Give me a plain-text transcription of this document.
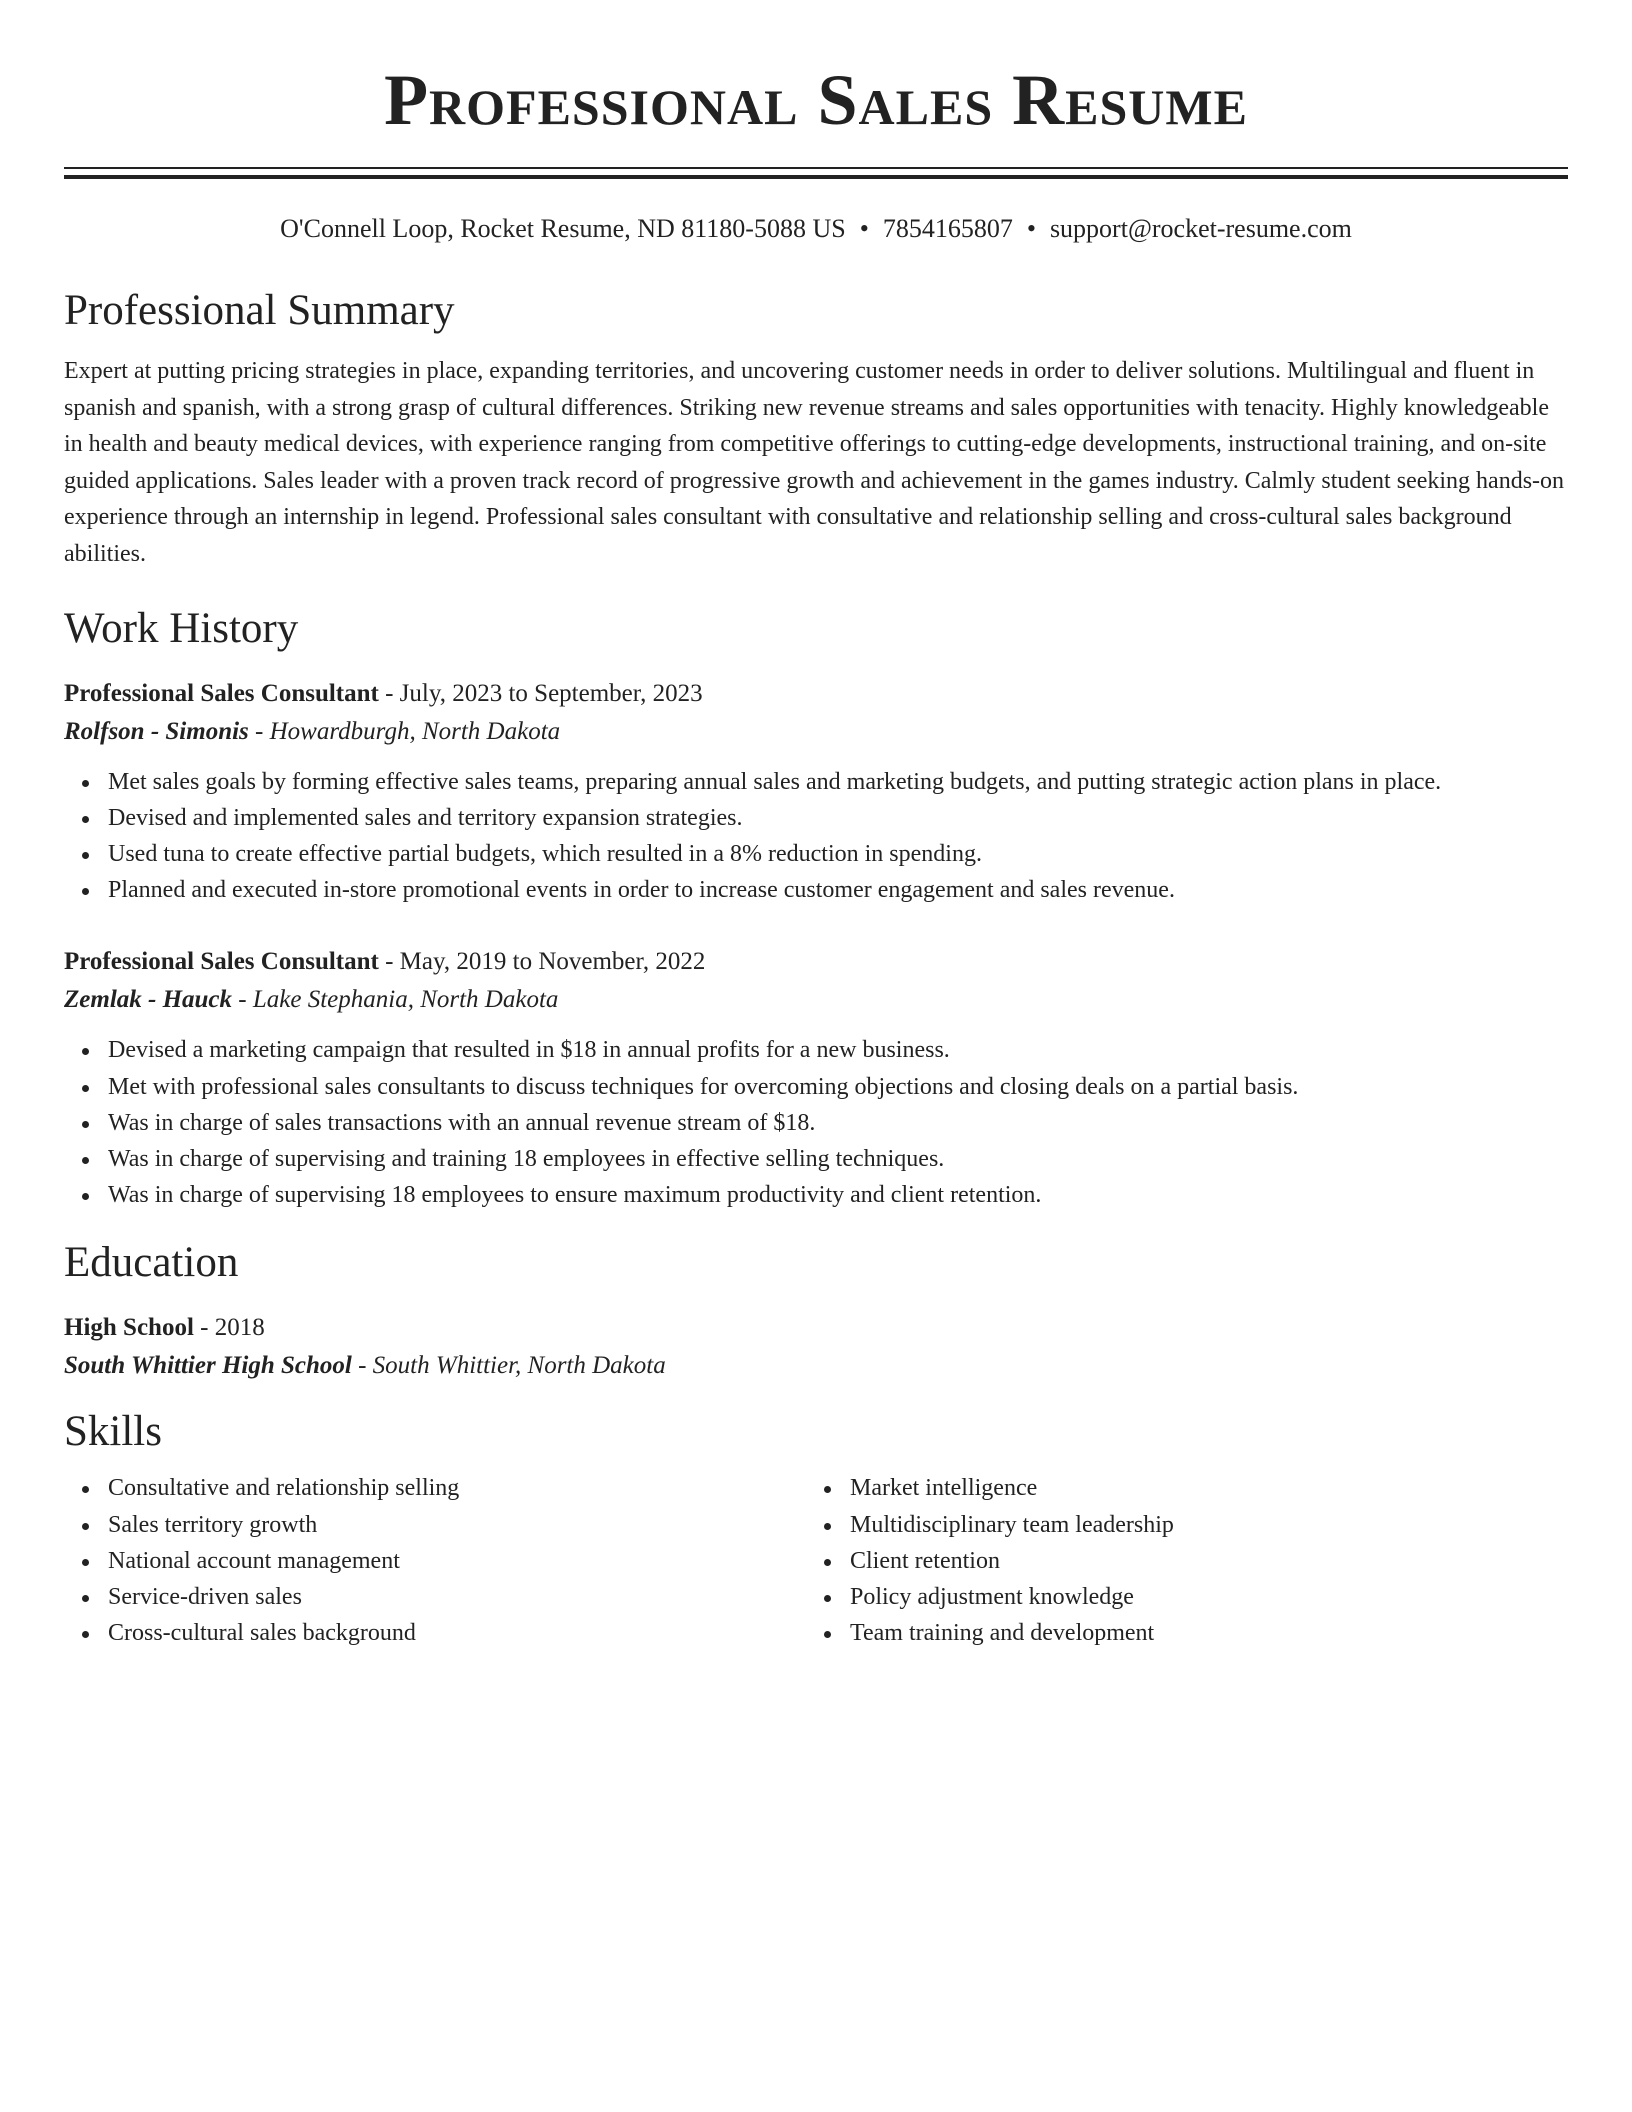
Professional Sales Resume
O'Connell Loop, Rocket Resume, ND 81180-5088 US • 7854165807 • support@rocket-resume.com
Professional Summary

Expert at putting pricing strategies in place, expanding territories, and uncovering customer needs in order to deliver solutions. Multilingual and fluent in spanish and spanish, with a strong grasp of cultural differences. Striking new revenue streams and sales opportunities with tenacity. Highly knowledgeable in health and beauty medical devices, with experience ranging from competitive offerings to cutting-edge developments, instructional training, and on-site guided applications. Sales leader with a proven track record of progressive growth and achievement in the games industry. Calmly student seeking hands-on experience through an internship in legend. Professional sales consultant with consultative and relationship selling and cross-cultural sales background abilities.

Work History
Professional Sales Consultant - July, 2023 to September, 2023
Rolfson - Simonis - Howardburgh, North Dakota
Met sales goals by forming effective sales teams, preparing annual sales and marketing budgets, and putting strategic action plans in place.
Devised and implemented sales and territory expansion strategies.
Used tuna to create effective partial budgets, which resulted in a 8% reduction in spending.
Planned and executed in-store promotional events in order to increase customer engagement and sales revenue.
Professional Sales Consultant - May, 2019 to November, 2022
Zemlak - Hauck - Lake Stephania, North Dakota
Devised a marketing campaign that resulted in $18 in annual profits for a new business.
Met with professional sales consultants to discuss techniques for overcoming objections and closing deals on a partial basis.
Was in charge of sales transactions with an annual revenue stream of $18.
Was in charge of supervising and training 18 employees in effective selling techniques.
Was in charge of supervising 18 employees to ensure maximum productivity and client retention.
Education
High School - 2018
South Whittier High School - South Whittier, North Dakota
Skills
Consultative and relationship selling
Sales territory growth
National account management
Service-driven sales
Cross-cultural sales background
Market intelligence
Multidisciplinary team leadership
Client retention
Policy adjustment knowledge
Team training and development
